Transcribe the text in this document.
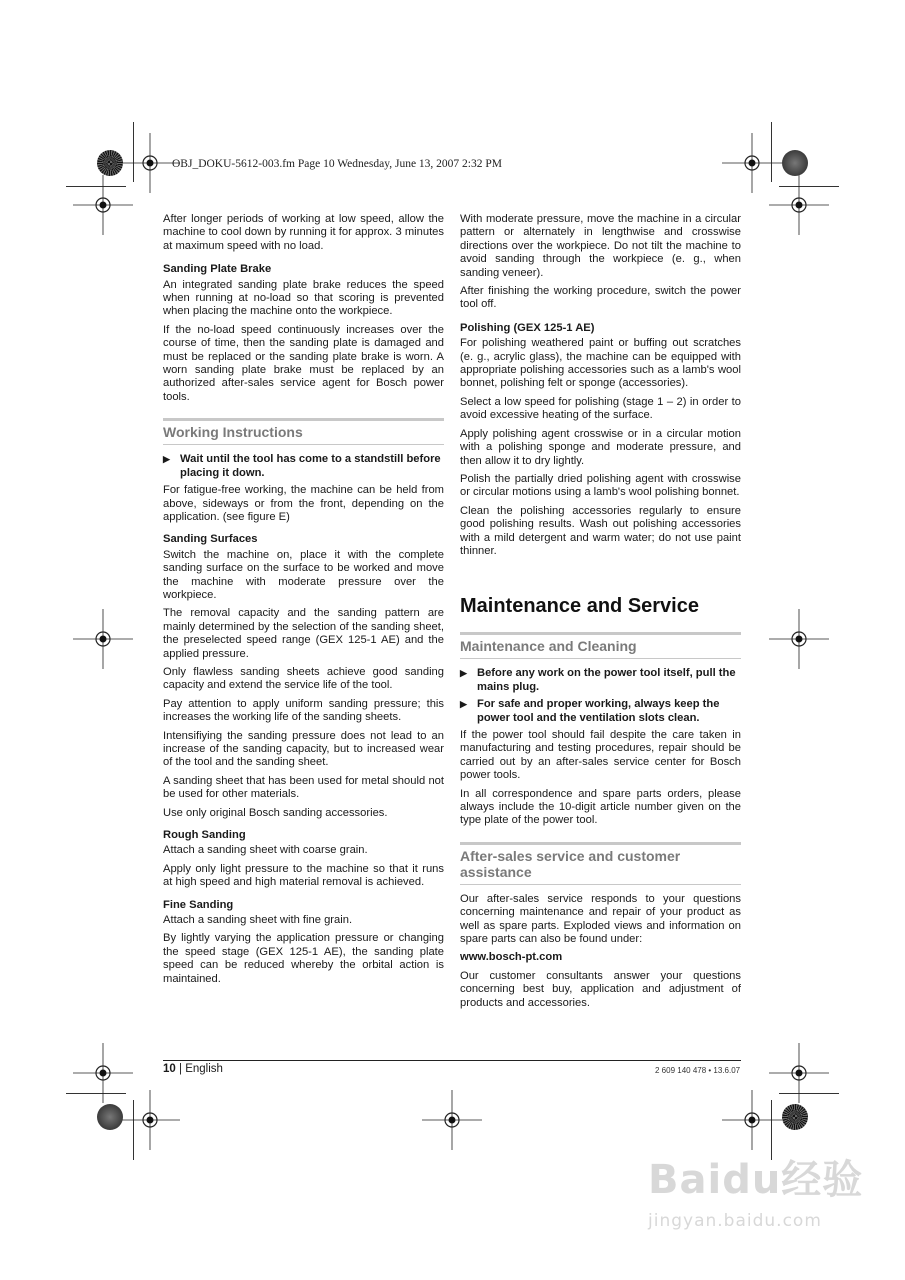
OBJ_DOKU-5612-003.fm Page 10 Wednesday, June 13, 2007 2:32 PM

After longer periods of working at low speed, allow the machine to cool down by running it for approx. 3 minutes at maximum speed with no load.

Sanding Plate Brake

An integrated sanding plate brake reduces the speed when running at no-load so that scoring is prevented when placing the machine onto the workpiece.

If the no-load speed continuously increases over the course of time, then the sanding plate is damaged and must be replaced or the sanding plate brake is worn. A worn sanding plate brake must be replaced by an authorized after-sales service agent for Bosch power tools.

Working Instructions
▶ Wait until the tool has come to a standstill before placing it down.

For fatigue-free working, the machine can be held from above, sideways or from the front, depending on the application. (see figure E)

Sanding Surfaces

Switch the machine on, place it with the complete sanding surface on the surface to be worked and move the machine with moderate pressure over the workpiece.

The removal capacity and the sanding pattern are mainly determined by the selection of the sanding sheet, the preselected speed range (GEX 125-1 AE) and the applied pressure.

Only flawless sanding sheets achieve good sanding capacity and extend the service life of the tool.

Pay attention to apply uniform sanding pressure; this increases the working life of the sanding sheets.

Intensifiying the sanding pressure does not lead to an increase of the sanding capacity, but to increased wear of the tool and the sanding sheet.

A sanding sheet that has been used for metal should not be used for other materials.

Use only original Bosch sanding accessories.

Rough Sanding

Attach a sanding sheet with coarse grain.

Apply only light pressure to the machine so that it runs at high speed and high material removal is achieved.

Fine Sanding

Attach a sanding sheet with fine grain.

By lightly varying the application pressure or changing the speed stage (GEX 125-1 AE), the sanding plate speed can be reduced whereby the orbital action is maintained.

With moderate pressure, move the machine in a circular pattern or alternately in lengthwise and crosswise directions over the workpiece. Do not tilt the machine to avoid sanding through the workpiece (e. g., when sanding veneer).

After finishing the working procedure, switch the power tool off.

Polishing (GEX 125-1 AE)

For polishing weathered paint or buffing out scratches (e. g., acrylic glass), the machine can be equipped with appropriate polishing accessories such as a lamb's wool bonnet, polishing felt or sponge (accessories).

Select a low speed for polishing (stage 1 – 2) in order to avoid excessive heating of the surface.

Apply polishing agent crosswise or in a circular motion with a polishing sponge and moderate pressure, and then allow it to dry lightly.

Polish the partially dried polishing agent with crosswise or circular motions using a lamb's wool polishing bonnet.

Clean the polishing accessories regularly to ensure good polishing results. Wash out polishing accessories with a mild detergent and warm water; do not use paint thinner.

Maintenance and Service
Maintenance and Cleaning
▶ Before any work on the power tool itself, pull the mains plug.
▶ For safe and proper working, always keep the power tool and the ventilation slots clean.

If the power tool should fail despite the care taken in manufacturing and testing procedures, repair should be carried out by an after-sales service center for Bosch power tools.

In all correspondence and spare parts orders, please always include the 10-digit article number given on the type plate of the power tool.

After-sales service and customer assistance

Our after-sales service responds to your questions concerning maintenance and repair of your product as well as spare parts. Exploded views and information on spare parts can also be found under:

www.bosch-pt.com

Our customer consultants answer your questions concerning best buy, application and adjustment of products and accessories.

10 | English	2 609 140 478 • 13.6.07
Baidu经验
jingyan.baidu.com
